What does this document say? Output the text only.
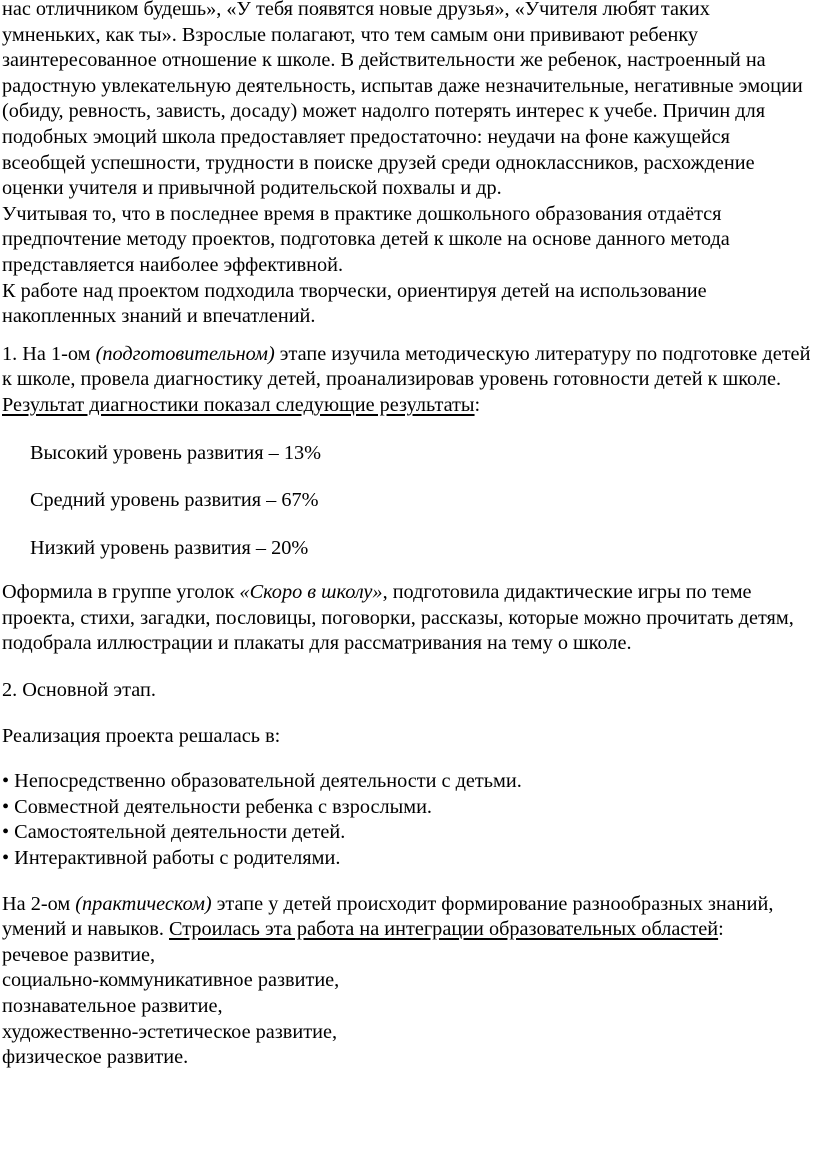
нас отличником будешь», «У тебя появятся новые друзья», «Учителя любят таких умненьких, как ты». Взрослые полагают, что тем самым они прививают ребенку заинтересованное отношение к школе. В действительности же ребенок, настроенный на радостную увлекательную деятельность, испытав даже незначительные, негативные эмоции (обиду, ревность, зависть, досаду) может надолго потерять интерес к учебе. Причин для подобных эмоций школа предоставляет предостаточно: неудачи на фоне кажущейся всеобщей успешности, трудности в поиске друзей среди одноклассников, расхождение оценки учителя и привычной родительской похвалы и др.

Учитывая то, что в последнее время в практике дошкольного образования отдаётся предпочтение методу проектов, подготовка детей к школе на основе данного метода представляется наиболее эффективной.

К работе над проектом подходила творчески, ориентируя детей на использование накопленных знаний и впечатлений.

1. На 1-ом (подготовительном) этапе изучила методическую литературу по подготовке детей к школе, провела диагностику детей, проанализировав уровень готовности детей к школе. Результат диагностики показал следующие результаты:

Высокий уровень развития – 13%

Средний уровень развития – 67%

Низкий уровень развития – 20%

Оформила в группе уголок «Скоро в школу», подготовила дидактические игры по теме проекта, стихи, загадки, пословицы, поговорки, рассказы, которые можно прочитать детям, подобрала иллюстрации и плакаты для рассматривания на тему о школе.

2. Основной этап.

Реализация проекта решалась в:

• Непосредственно образовательной деятельности с детьми.

• Совместной деятельности ребенка с взрослыми.

• Самостоятельной деятельности детей.

• Интерактивной работы с родителями.

На 2-ом (практическом) этапе у детей происходит формирование разнообразных знаний, умений и навыков. Строилась эта работа на интеграции образовательных областей:

речевое развитие,

социально-коммуникативное развитие,

познавательное развитие,

художественно-эстетическое развитие,

физическое развитие.
